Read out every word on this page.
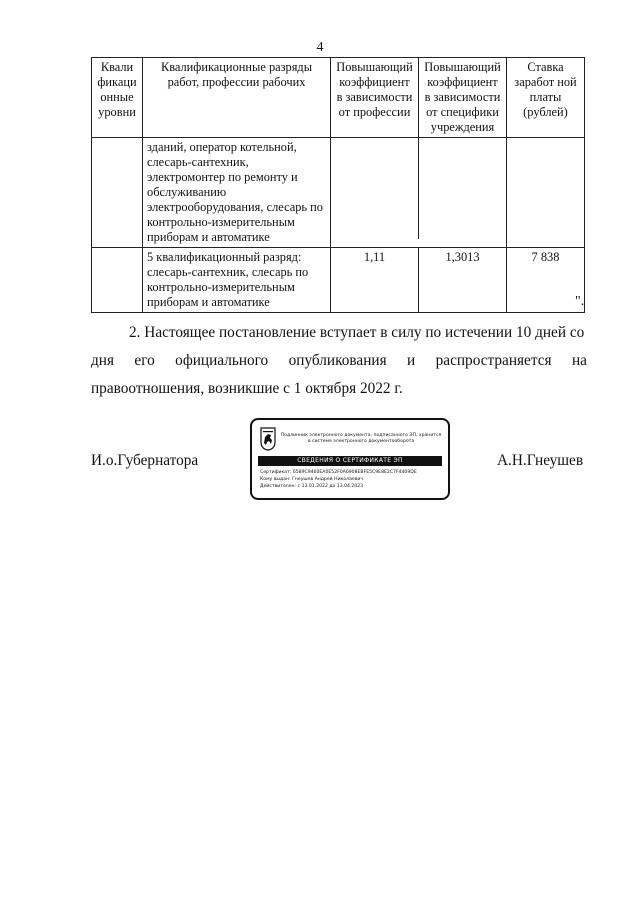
4
Квали фикаци онные уровни	Квалификационные разряды работ, профессии рабочих	Повышающий коэффициент в зависимости от профессии	Повышающий коэффициент в зависимости от специфики учреждения	Ставка заработ ной платы (рублей)
	зданий, оператор котельной, слесарь-сантехник, электромонтер по ремонту и обслуживанию электрооборудования, слесарь по контрольно-измерительным приборам и автоматике		

	5 квалификационный разряд: слесарь-сантехник, слесарь по контрольно-измерительным приборам и автоматике	1,11	1,3013	7 838
".
2. Настоящее постановление вступает в силу по истечении 10 дней со
дня его официального опубликования и распространяется на
правоотношения, возникшие с 1 октября 2022 г.
И.о.Губернатора	А.Н.Гнеушев
Подлинник электронного документа, подписанного ЭП, хранится в системе электронного документооборота
СВЕДЕНИЯ О СЕРТИФИКАТЕ ЭП
Сертификат: 6589C9460EA0E52F0A6908EBFE5C9E8E2C7F4409DE
Кому выдан: Гнеушев Андрей Николаевич
Действителен: с 13.01.2022 до 13.04.2023
